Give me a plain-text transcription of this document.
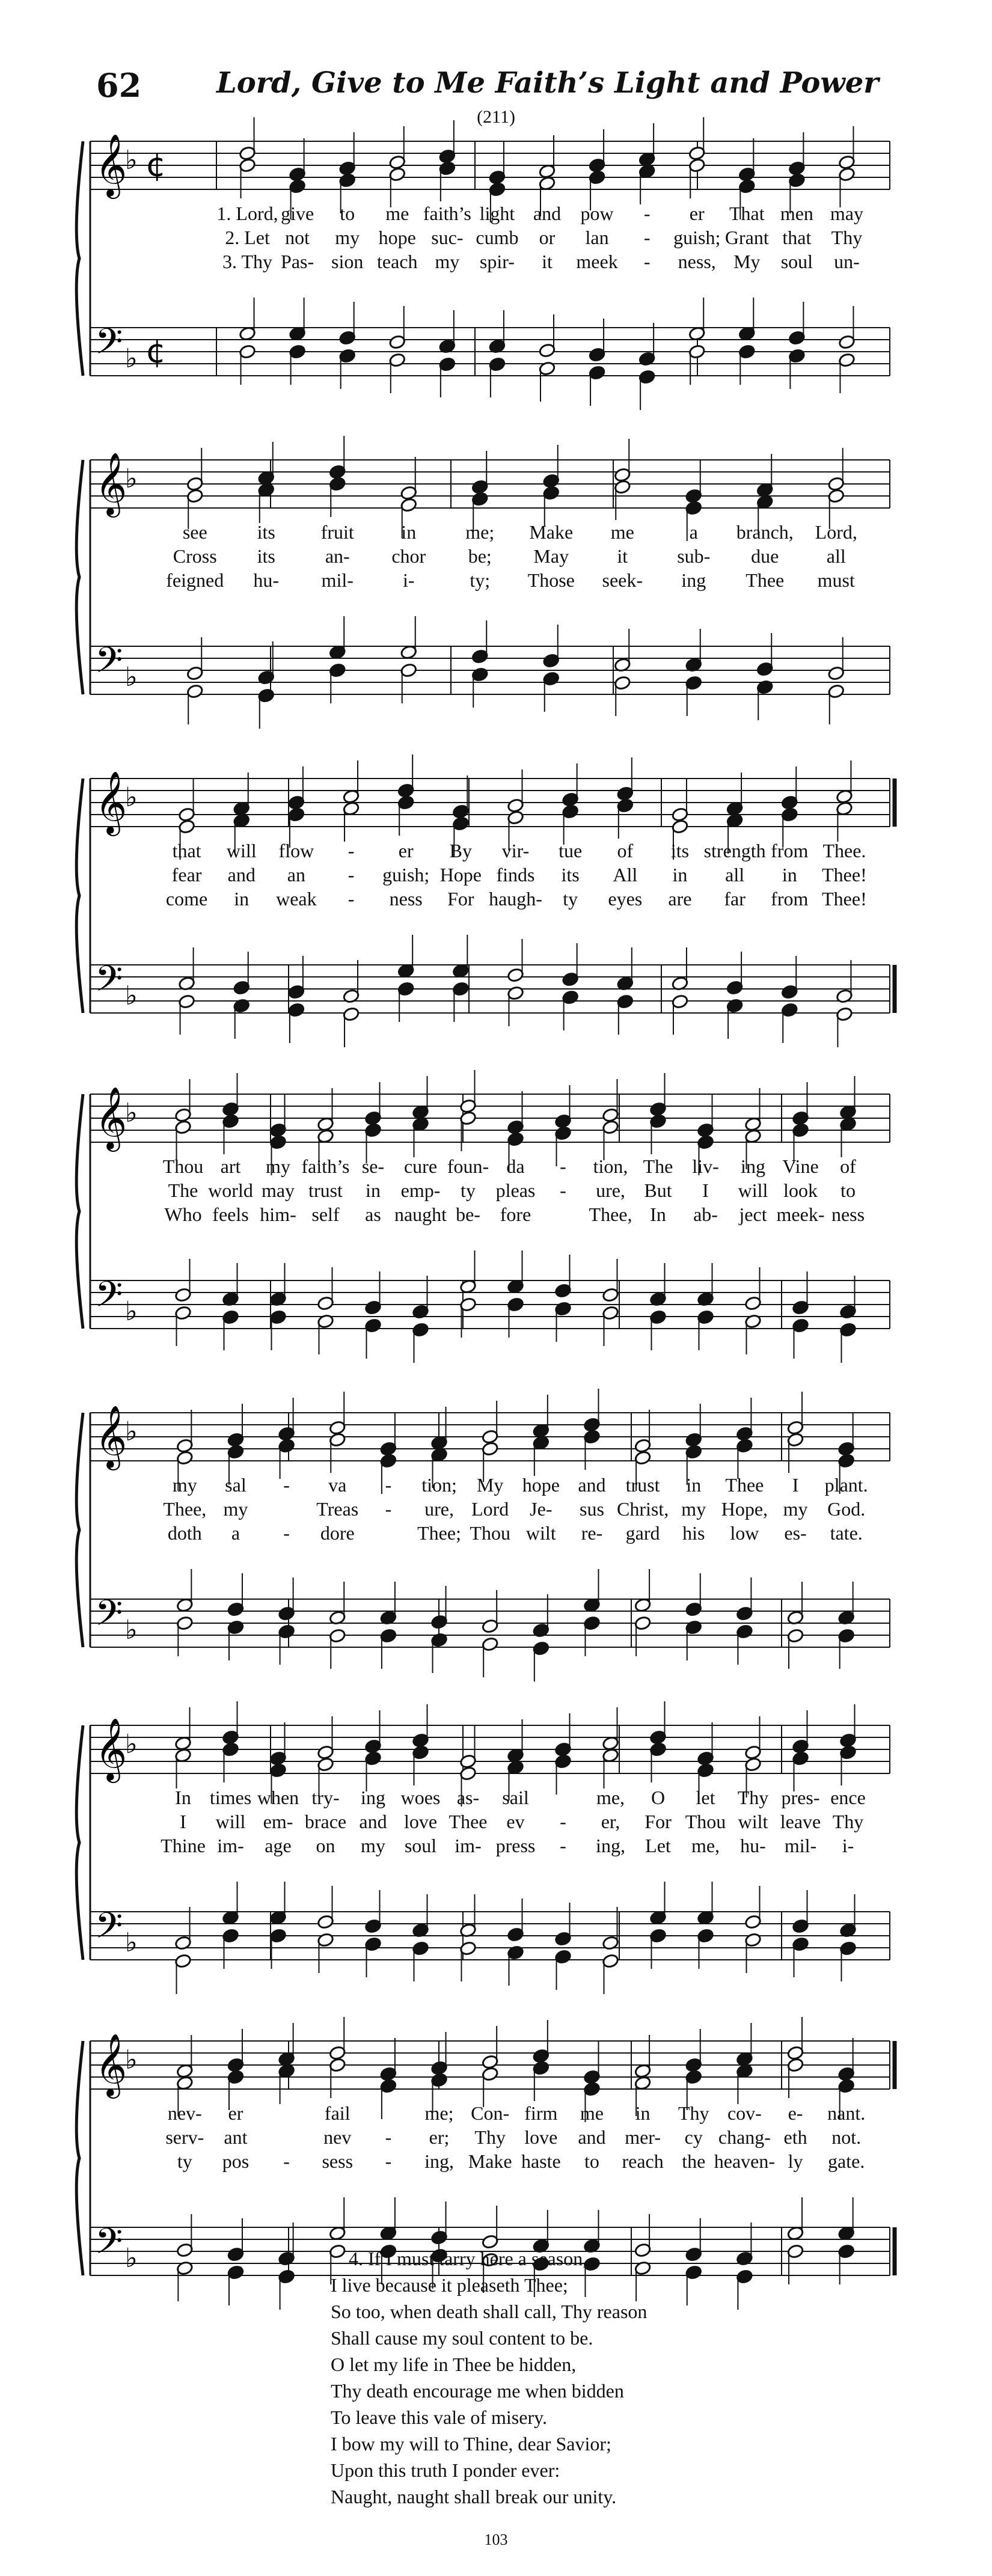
62	Lord, Give to Me Faith’s Light and Power
(211)
𝄞
𝄢
♭
♭
¢
¢
1. Lord, give to me faith’s light and pow - er That men may
2. Let not my hope suc- cumb or lan - guish; Grant that Thy
3. Thy Pas- sion teach my spir- it meek - ness, My soul un-
𝄞
𝄢
♭
♭
see	its fruit in	me; Make me	a branch, Lord,
Cross its	an- chor be; May	it	sub- due all
feigned hu- mil-	i-	ty; Those seek- ing Thee must
𝄞
𝄢
♭
♭
that will flow - er By vir- tue of its strength from Thee.
fear and an - guish; Hope finds its All in all in Thee!
come in weak - ness For haugh- ty eyes are far from Thee!
𝄞
𝄢
♭
♭
Thou art my faith’s se- cure foun- da - tion, The liv- ing Vine of
The world may trust in emp- ty pleas - ure, But I will look to
Who feels him- self as naught be- fore	Thee, In ab- ject meek- ness
𝄞
𝄢
♭
♭
my sal - va - tion; My hope and trust in Thee I plant.
Thee, my	Treas - ure, Lord Je- sus Christ, my Hope, my God.
doth a - dore	Thee; Thou wilt re- gard his low es- tate.
𝄞
𝄢
♭
♭
In times when try- ing woes as- sail	me, O let Thy pres- ence
I will em- brace and love Thee ev - er, For Thou wilt leave Thy
Thine im- age on my soul im- press - ing, Let me, hu- mil- i-
𝄞
𝄢
♭
♭
nev- er	fail	me; Con- firm me in Thy cov- e- nant.
serv- ant	nev - er; Thy love and mer- cy chang- eth not.
ty pos - sess - ing, Make haste to reach the heaven- ly gate.
4. If I must tarry here a season,
I live because it pleaseth Thee;
So too, when death shall call, Thy reason
Shall cause my soul content to be.
O let my life in Thee be hidden,
Thy death encourage me when bidden
To leave this vale of misery.
I bow my will to Thine, dear Savior;
Upon this truth I ponder ever:
Naught, naught shall break our unity.
103
